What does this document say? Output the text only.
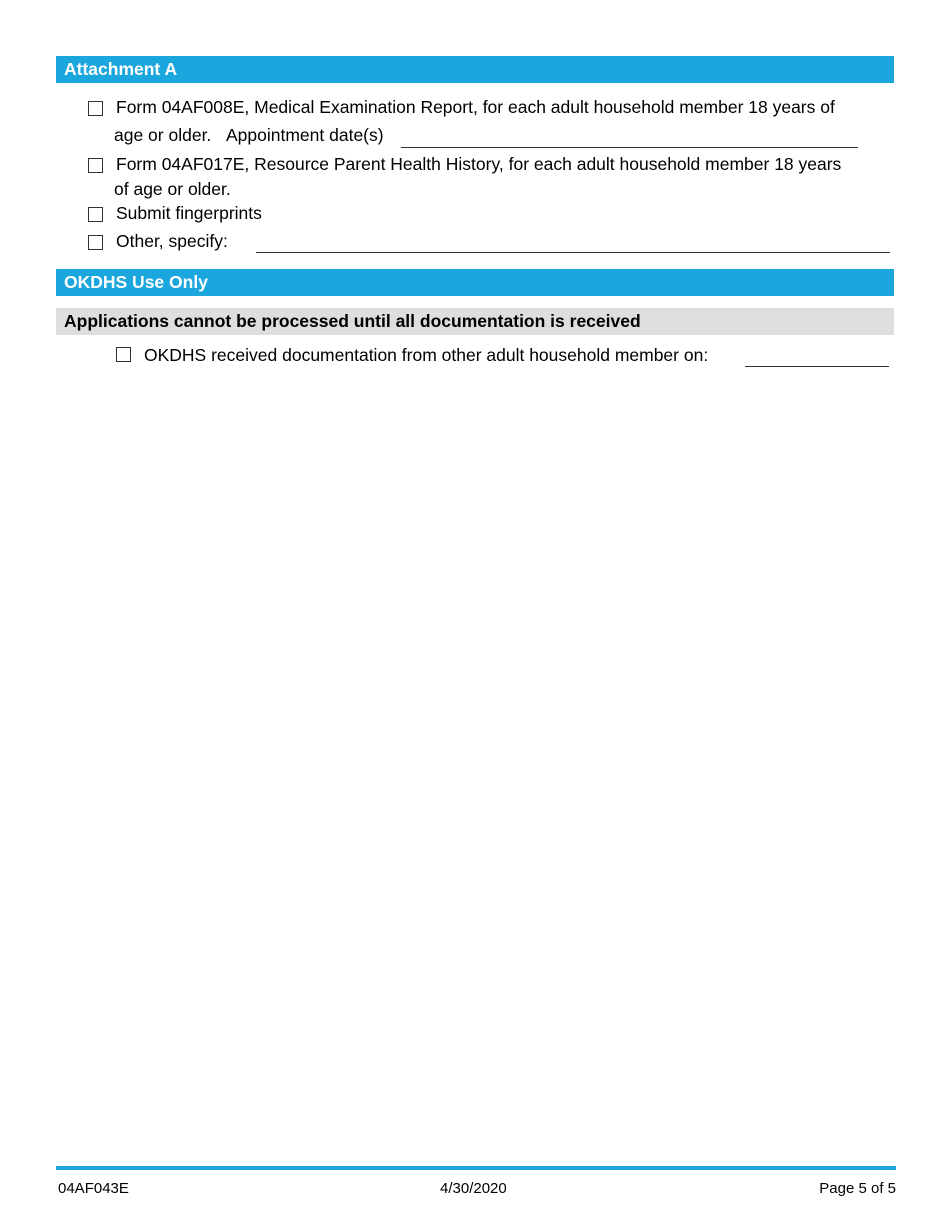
Attachment A
Form 04AF008E, Medical Examination Report, for each adult household member 18 years of
age or older. Appointment date(s)
Form 04AF017E, Resource Parent Health History, for each adult household member 18 years
of age or older.
Submit fingerprints
Other, specify:
OKDHS Use Only
Applications cannot be processed until all documentation is received
OKDHS received documentation from other adult household member on:
04AF043E	4/30/2020	Page 5 of 5
